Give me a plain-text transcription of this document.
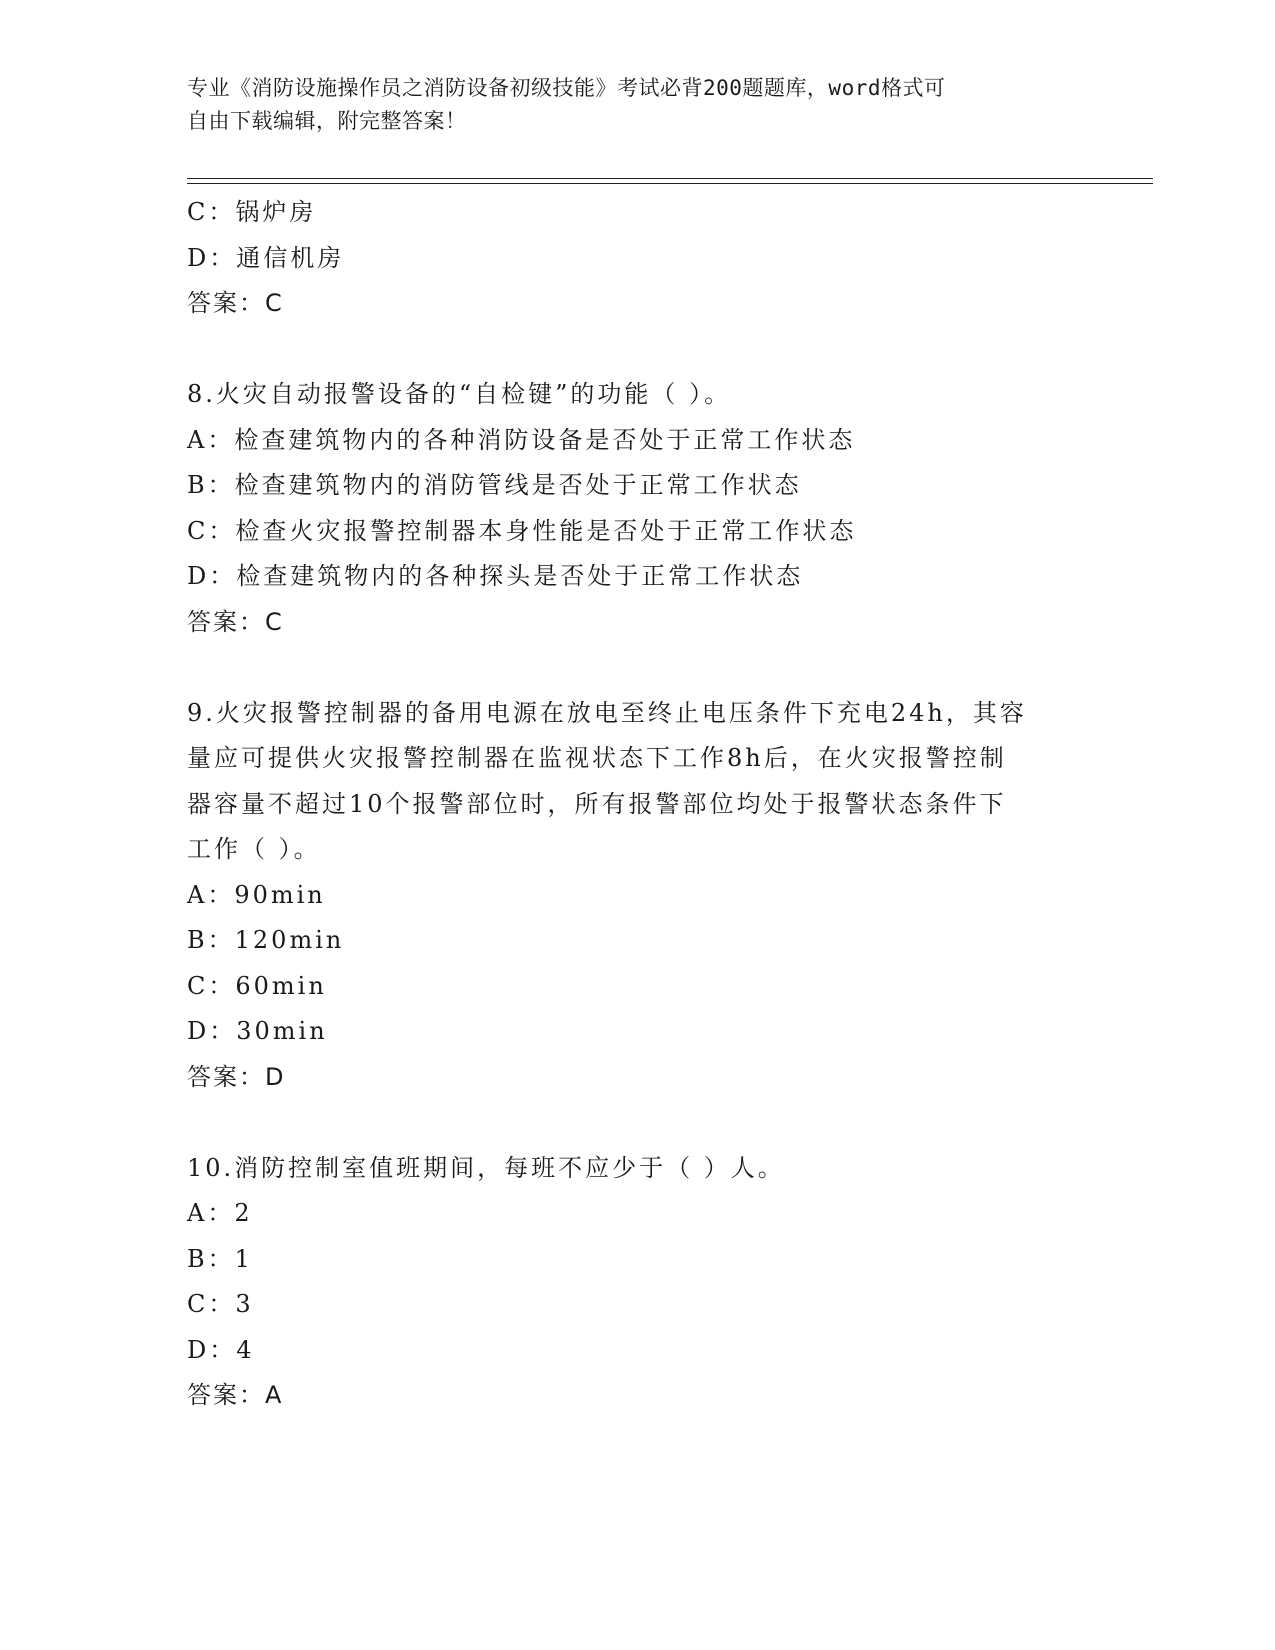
专业《消防设施操作员之消防设备初级技能》考试必背200题题库，word格式可
自由下载编辑，附完整答案！
C：锅炉房
D：通信机房
答案：C
8.火灾自动报警设备的“自检键”的功能（ ）。
A：检查建筑物内的各种消防设备是否处于正常工作状态
B：检查建筑物内的消防管线是否处于正常工作状态
C：检查火灾报警控制器本身性能是否处于正常工作状态
D：检查建筑物内的各种探头是否处于正常工作状态
答案：C
9.火灾报警控制器的备用电源在放电至终止电压条件下充电24h，其容
量应可提供火灾报警控制器在监视状态下工作8h后，在火灾报警控制
器容量不超过10个报警部位时，所有报警部位均处于报警状态条件下
工作（ ）。
A：90min
B：120min
C：60min
D：30min
答案：D
10.消防控制室值班期间，每班不应少于（ ）人。
A：2
B：1
C：3
D：4
答案：A
